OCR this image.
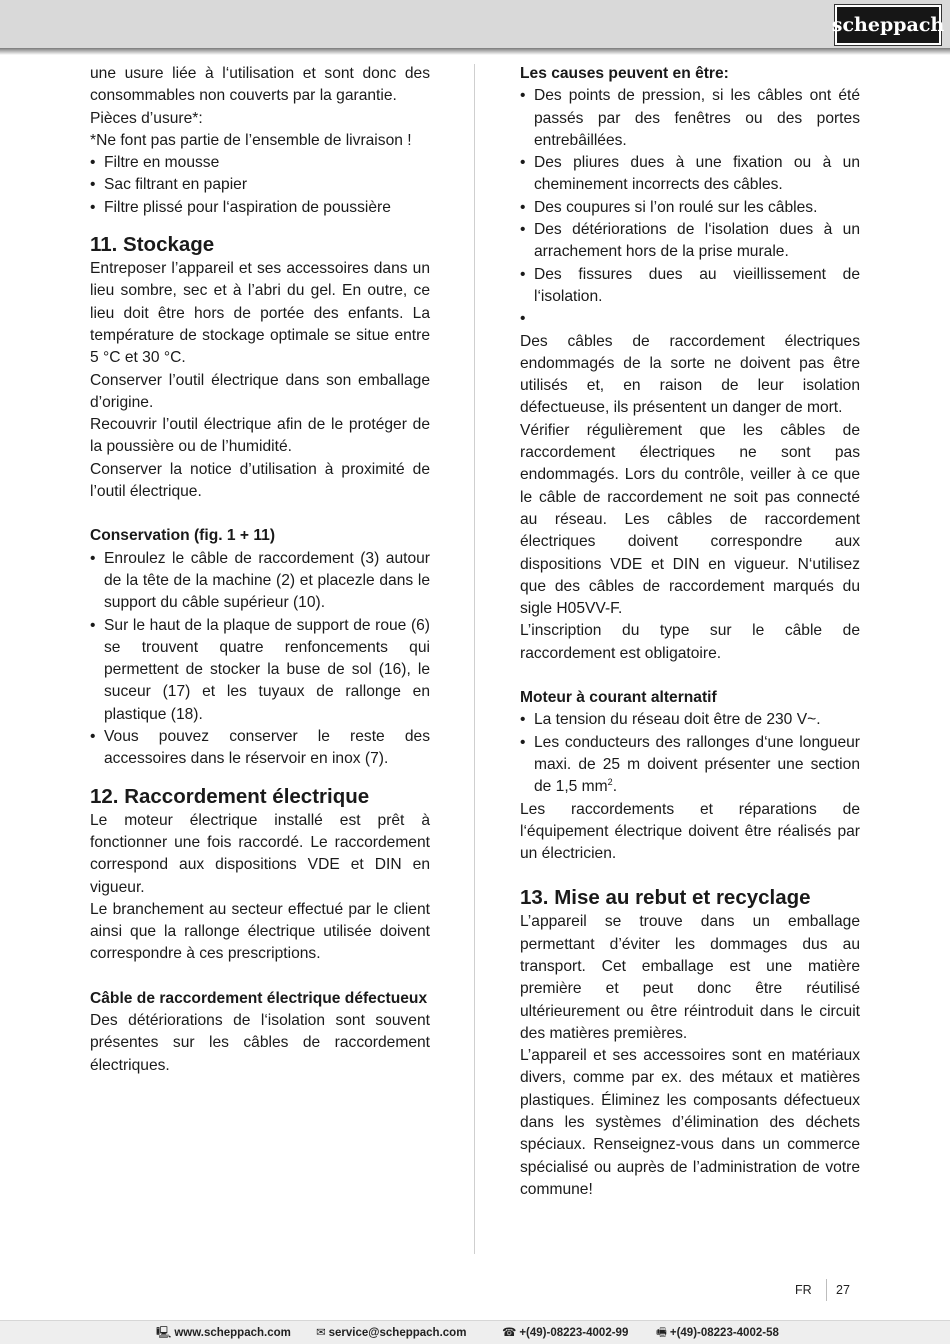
scheppach

une usure liée à l‘utilisation et sont donc des consommables non couverts par la garantie.

Pièces d’usure*:

*Ne font pas partie de l’ensemble de livraison !

• Filtre en mousse
• Sac filtrant en papier
• Filtre plissé pour l‘aspiration de poussière
11. Stockage

Entreposer l’appareil et ses accessoires dans un lieu sombre, sec et à l’abri du gel. En outre, ce lieu doit être hors de portée des enfants. La température de stockage optimale se situe entre 5 °C et 30 °C.

Conserver l’outil électrique dans son emballage d’origine.

Recouvrir l’outil électrique afin de le protéger de la poussière ou de l’humidité.

Conserver la notice d’utilisation à proximité de l’outil électrique.

Conservation (fig. 1 + 11)
• Enroulez le câble de raccordement (3) autour de la tête de la machine (2) et placezle dans le support du câble supérieur (10).
• Sur le haut de la plaque de support de roue (6) se trouvent quatre renfoncements qui permettent de stocker la buse de sol (16), le suceur (17) et les tuyaux de rallonge en plastique (18).
• Vous pouvez conserver le reste des accessoires dans le réservoir en inox (7).
12. Raccordement électrique

Le moteur électrique installé est prêt à fonctionner une fois raccordé. Le raccordement correspond aux dispositions VDE et DIN en vigueur.

Le branchement au secteur effectué par le client ainsi que la rallonge électrique utilisée doivent correspondre à ces prescriptions.

Câble de raccordement électrique défectueux

Des détériorations de l‘isolation sont souvent présentes sur les câbles de raccordement électriques.

Les causes peuvent en être:
• Des points de pression, si les câbles ont été passés par des fenêtres ou des portes entrebâillées.
• Des pliures dues à une fixation ou à un cheminement incorrects des câbles.
• Des coupures si l’on roulé sur les câbles.
• Des détériorations de l‘isolation dues à un arrachement hors de la prise murale.
• Des fissures dues au vieillissement de l‘isolation.
•

Des câbles de raccordement électriques endommagés de la sorte ne doivent pas être utilisés et, en raison de leur isolation défectueuse, ils présentent un danger de mort.

Vérifier régulièrement que les câbles de raccordement électriques ne sont pas endommagés. Lors du contrôle, veiller à ce que le câble de raccordement ne soit pas connecté au réseau. Les câbles de raccordement électriques doivent correspondre aux dispositions VDE et DIN en vigueur. N‘utilisez que des câbles de raccordement marqués du sigle H05VV-F.

L’inscription du type sur le câble de raccordement est obligatoire.

Moteur à courant alternatif
• La tension du réseau doit être de 230 V~.
• Les conducteurs des rallonges d‘une longueur maxi. de 25 m doivent présenter une section de 1,5 $mm^2$.

Les raccordements et réparations de l‘équipement électrique doivent être réalisés par un électricien.

13. Mise au rebut et recyclage

L’appareil se trouve dans un emballage permettant d’éviter les dommages dus au transport. Cet emballage est une matière première et peut donc être réutilisé ultérieurement ou être réintroduit dans le circuit des matières premières.

L’appareil et ses accessoires sont en matériaux divers, comme par ex. des métaux et matières plastiques. Éliminez les composants défectueux dans les systèmes d’élimination des déchets spéciaux. Renseignez-vous dans un commerce spécialisé ou auprès de l’administration de votre commune!

FR 27
🖳 www.scheppach.com ✉ service@scheppach.com	☎ +(49)-08223-4002-99 🖷 +(49)-08223-4002-58
